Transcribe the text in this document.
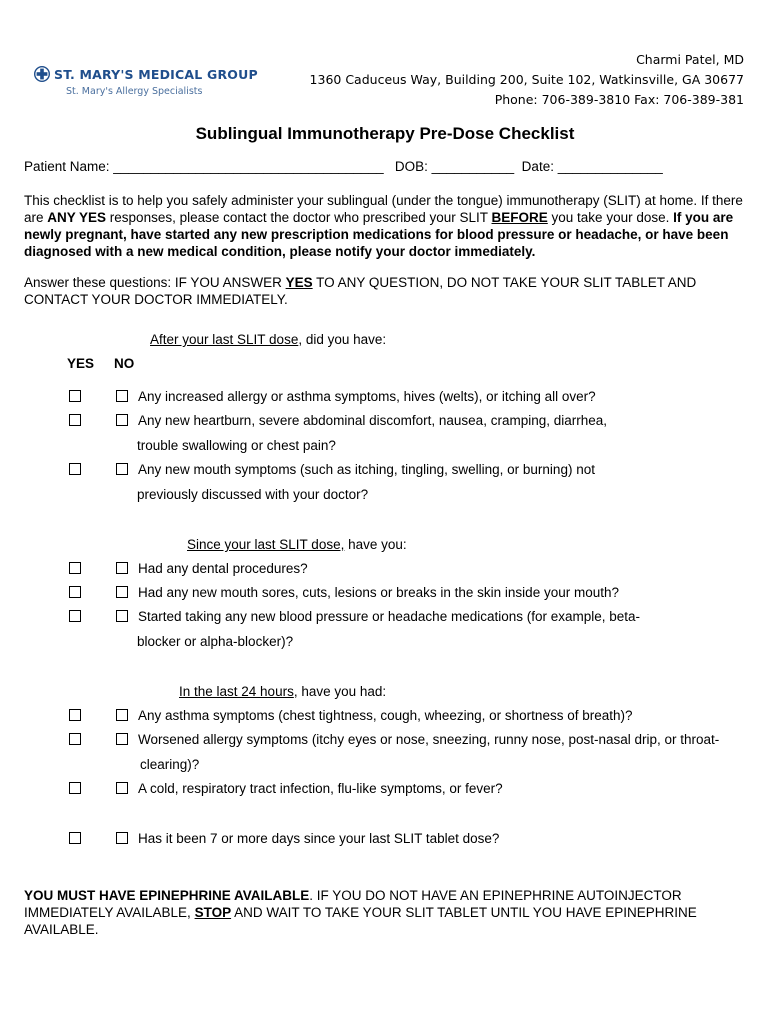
ST. MARY'S MEDICAL GROUP
St. Mary's Allergy Specialists
Charmi Patel, MD
1360 Caduceus Way, Building 200, Suite 102, Watkinsville, GA 30677
Phone: 706-389-3810 Fax: 706-389-381
Sublingual Immunotherapy Pre-Dose Checklist
Patient Name: ____________________________________   DOB: ___________  Date: ______________
This checklist is to help you safely administer your sublingual (under the tongue) immunotherapy (SLIT) at home. If there are ANY YES responses, please contact the doctor who prescribed your SLIT BEFORE you take your dose. If you are newly pregnant, have started any new prescription medications for blood pressure or headache, or have been diagnosed with a new medical condition, please notify your doctor immediately.
Answer these questions: IF YOU ANSWER YES TO ANY QUESTION, DO NOT TAKE YOUR SLIT TABLET AND CONTACT YOUR DOCTOR IMMEDIATELY.
After your last SLIT dose, did you have:
YES NO
Any increased allergy or asthma symptoms, hives (welts), or itching all over?
Any new heartburn, severe abdominal discomfort, nausea, cramping, diarrhea,
trouble swallowing or chest pain?
Any new mouth symptoms (such as itching, tingling, swelling, or burning) not
previously discussed with your doctor?
Since your last SLIT dose, have you:
Had any dental procedures?
Had any new mouth sores, cuts, lesions or breaks in the skin inside your mouth?
Started taking any new blood pressure or headache medications (for example, beta-
blocker or alpha-blocker)?
In the last 24 hours, have you had:
Any asthma symptoms (chest tightness, cough, wheezing, or shortness of breath)?
Worsened allergy symptoms (itchy eyes or nose, sneezing, runny nose, post-nasal drip, or throat-
clearing)?
A cold, respiratory tract infection, flu-like symptoms, or fever?
Has it been 7 or more days since your last SLIT tablet dose?
YOU MUST HAVE EPINEPHRINE AVAILABLE. IF YOU DO NOT HAVE AN EPINEPHRINE AUTOINJECTOR IMMEDIATELY AVAILABLE, STOP AND WAIT TO TAKE YOUR SLIT TABLET UNTIL YOU HAVE EPINEPHRINE AVAILABLE.
